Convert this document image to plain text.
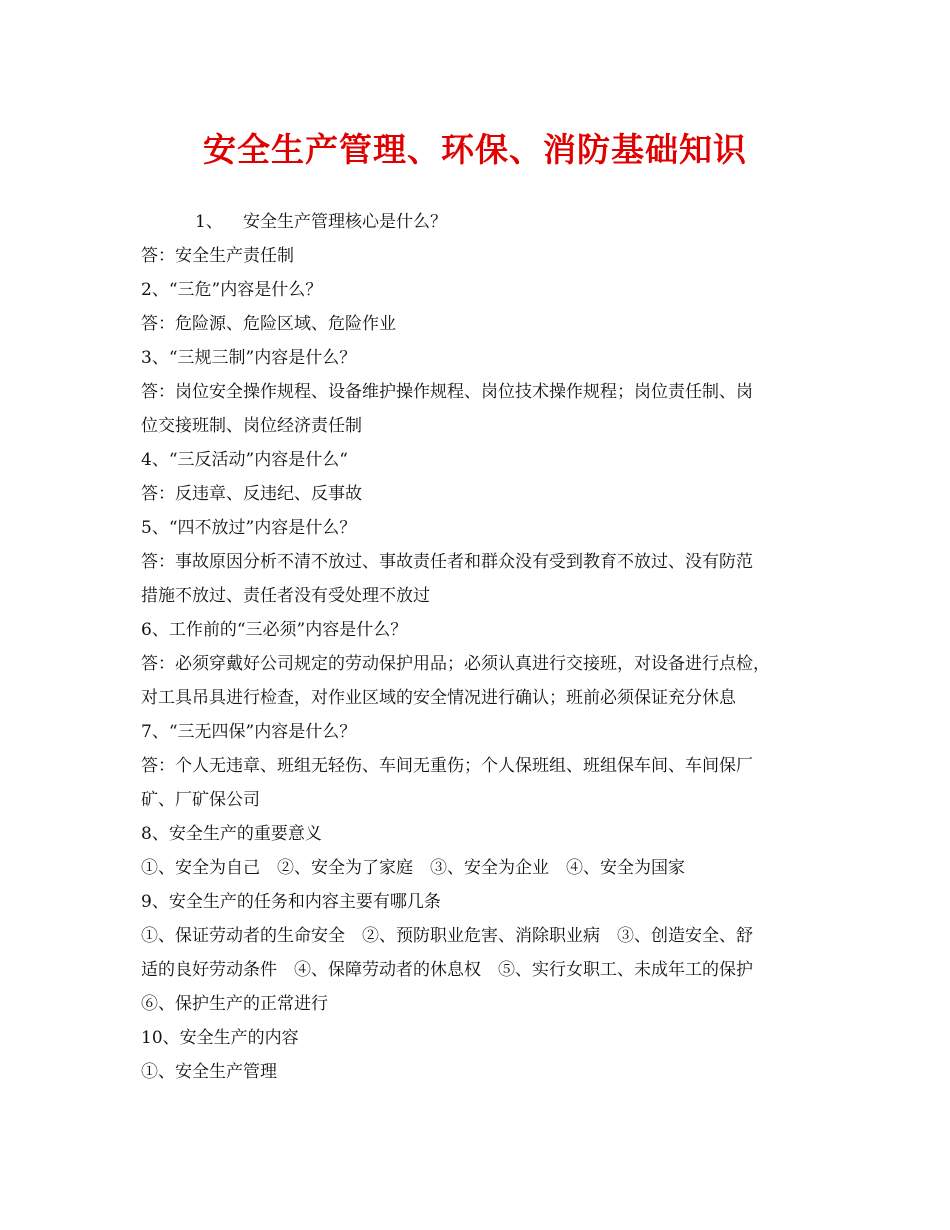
安全生产管理、环保、消防基础知识
1、 安全生产管理核心是什么？
答：安全生产责任制
2、“三危”内容是什么？
答：危险源、危险区域、危险作业
3、“三规三制”内容是什么？
答：岗位安全操作规程、设备维护操作规程、岗位技术操作规程；岗位责任制、岗
位交接班制、岗位经济责任制
4、“三反活动”内容是什么“
答：反违章、反违纪、反事故
5、“四不放过”内容是什么？
答：事故原因分析不清不放过、事故责任者和群众没有受到教育不放过、没有防范
措施不放过、责任者没有受处理不放过
6、工作前的“三必须”内容是什么？
答：必须穿戴好公司规定的劳动保护用品；必须认真进行交接班，对设备进行点检，
对工具吊具进行检查，对作业区域的安全情况进行确认；班前必须保证充分休息
7、“三无四保”内容是什么？
答：个人无违章、班组无轻伤、车间无重伤；个人保班组、班组保车间、车间保厂
矿、厂矿保公司
8、安全生产的重要意义
①、安全为自己　②、安全为了家庭　③、安全为企业　④、安全为国家
9、安全生产的任务和内容主要有哪几条
①、保证劳动者的生命安全　②、预防职业危害、消除职业病　③、创造安全、舒
适的良好劳动条件　④、保障劳动者的休息权　⑤、实行女职工、未成年工的保护
⑥、保护生产的正常进行
10、安全生产的内容
①、安全生产管理
